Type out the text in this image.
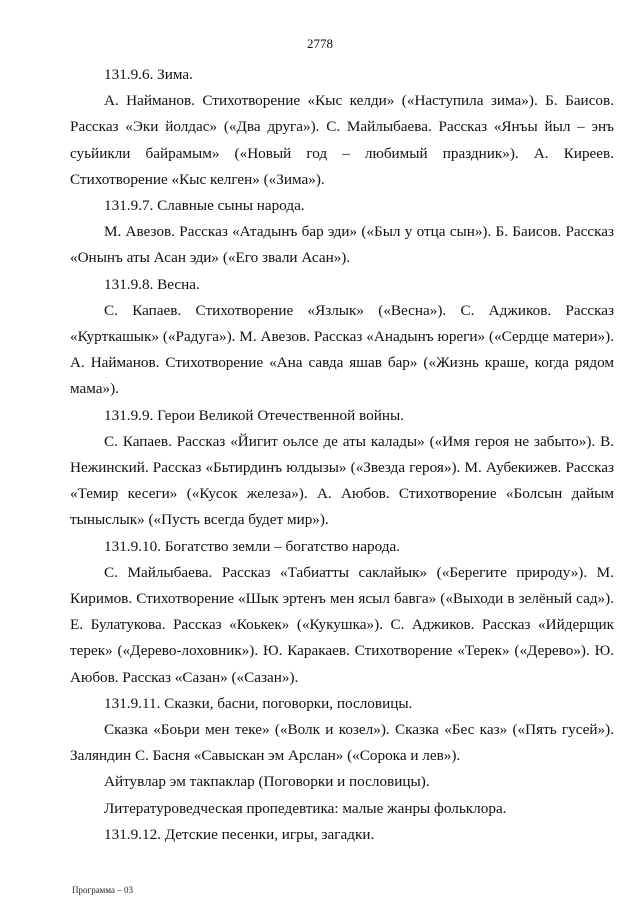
2778

131.9.6. Зима.

А. Найманов. Стихотворение «Кыс келди» («Наступила зима»). Б. Баисов. Рассказ «Эки йолдас» («Два друга»). С. Майлыбаева. Рассказ «Янъы йыл – энъ суьйикли байрамым» («Новый год – любимый праздник»). А. Киреев. Стихотворение «Кыс келген» («Зима»).

131.9.7. Славные сыны народа.

М. Авезов. Рассказ «Атадынъ бар эди» («Был у отца сын»). Б. Баисов. Рассказ «Онынъ аты Асан эди» («Его звали Асан»).

131.9.8. Весна.

С. Капаев. Стихотворение «Язлык» («Весна»). С. Аджиков. Рассказ «Курткашык» («Радуга»). М. Авезов. Рассказ «Анадынъ юреги» («Сердце матери»). А. Найманов. Стихотворение «Ана савда яшав бар» («Жизнь краше, когда рядом мама»).

131.9.9. Герои Великой Отечественной войны.

С. Капаев. Рассказ «Йигит оьлсе де аты калады» («Имя героя не забыто»). В. Нежинский. Рассказ «Бьтирдинъ юлдызы» («Звезда героя»). М. Аубекижев. Рассказ «Темир кесеги» («Кусок железа»). А. Аюбов. Стихотворение «Болсын дайым тыныслык» («Пусть всегда будет мир»).

131.9.10. Богатство земли – богатство народа.

С. Майлыбаева. Рассказ «Табиатты саклайык» («Берегите природу»). М. Киримов. Стихотворение «Шык эртенъ мен ясыл бавга» («Выходи в зелёный сад»). Е. Булатукова. Рассказ «Коькек» («Кукушка»). С. Аджиков. Рассказ «Ийдерщик терек» («Дерево-лоховник»). Ю. Каракаев. Стихотворение «Терек» («Дерево»). Ю. Аюбов. Рассказ «Сазан» («Сазан»).

131.9.11. Сказки, басни, поговорки, пословицы.

Сказка «Боьри мен теке» («Волк и козел»). Сказка «Бес каз» («Пять гусей»). Заляндин С. Басня «Савыскан эм Арслан» («Сорока и лев»).

Айтувлар эм такпаклар (Поговорки и пословицы).

Литературоведческая пропедевтика: малые жанры фольклора.

131.9.12. Детские песенки, игры, загадки.

Программа – 03
